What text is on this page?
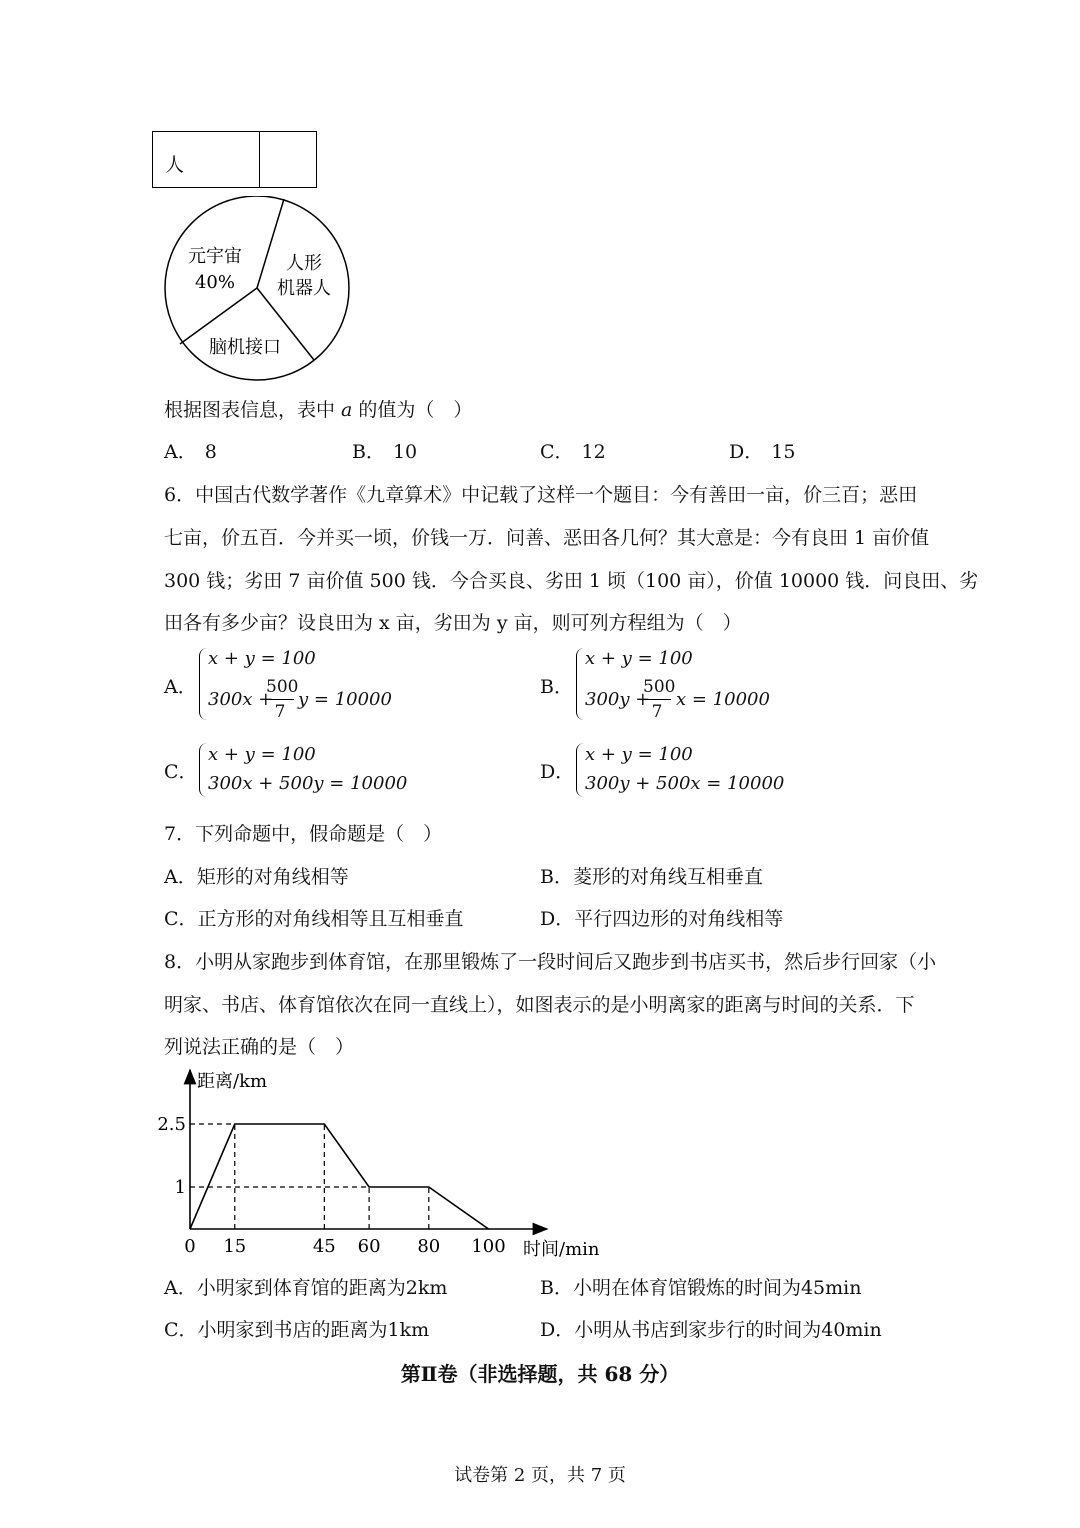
人
元宇宙
40%
人形
机器人
脑机接口
根据图表信息，表中 a 的值为（　）
A． 8	B． 10	C． 12	D． 15
6．中国古代数学著作《九章算术》中记载了这样一个题目：今有善田一亩，价三百；恶田
七亩，价五百．今并买一顷，价钱一万．问善、恶田各几何？其大意是：今有良田 1 亩价值
300 钱；劣田 7 亩价值 500 钱．今合买良、劣田 1 顷（100 亩），价值 10000 钱．问良田、劣
田各有多少亩？设良田为 x 亩，劣田为 y 亩，则可列方程组为（　）
A．
x + y = 100
300x +
500
7
y = 10000
B．
x + y = 100
300y +
500
7
x = 10000
C．
x + y = 100
300x + 500y = 10000
D．
x + y = 100
300y + 500x = 10000
7．下列命题中，假命题是（　）
A．矩形的对角线相等	B．菱形的对角线互相垂直
C．正方形的对角线相等且互相垂直	D．平行四边形的对角线相等
8．小明从家跑步到体育馆，在那里锻炼了一段时间后又跑步到书店买书，然后步行回家（小
明家、书店、体育馆依次在同一直线上），如图表示的是小明离家的距离与时间的关系．下
列说法正确的是（　）
距离/km
时间/min
0 15	45 60 80 100
1
2.5
A．小明家到体育馆的距离为2km	B．小明在体育馆锻炼的时间为45min
C．小明家到书店的距离为1km	D．小明从书店到家步行的时间为40min
第Ⅱ卷（非选择题，共 68 分）
试卷第 2 页，共 7 页
